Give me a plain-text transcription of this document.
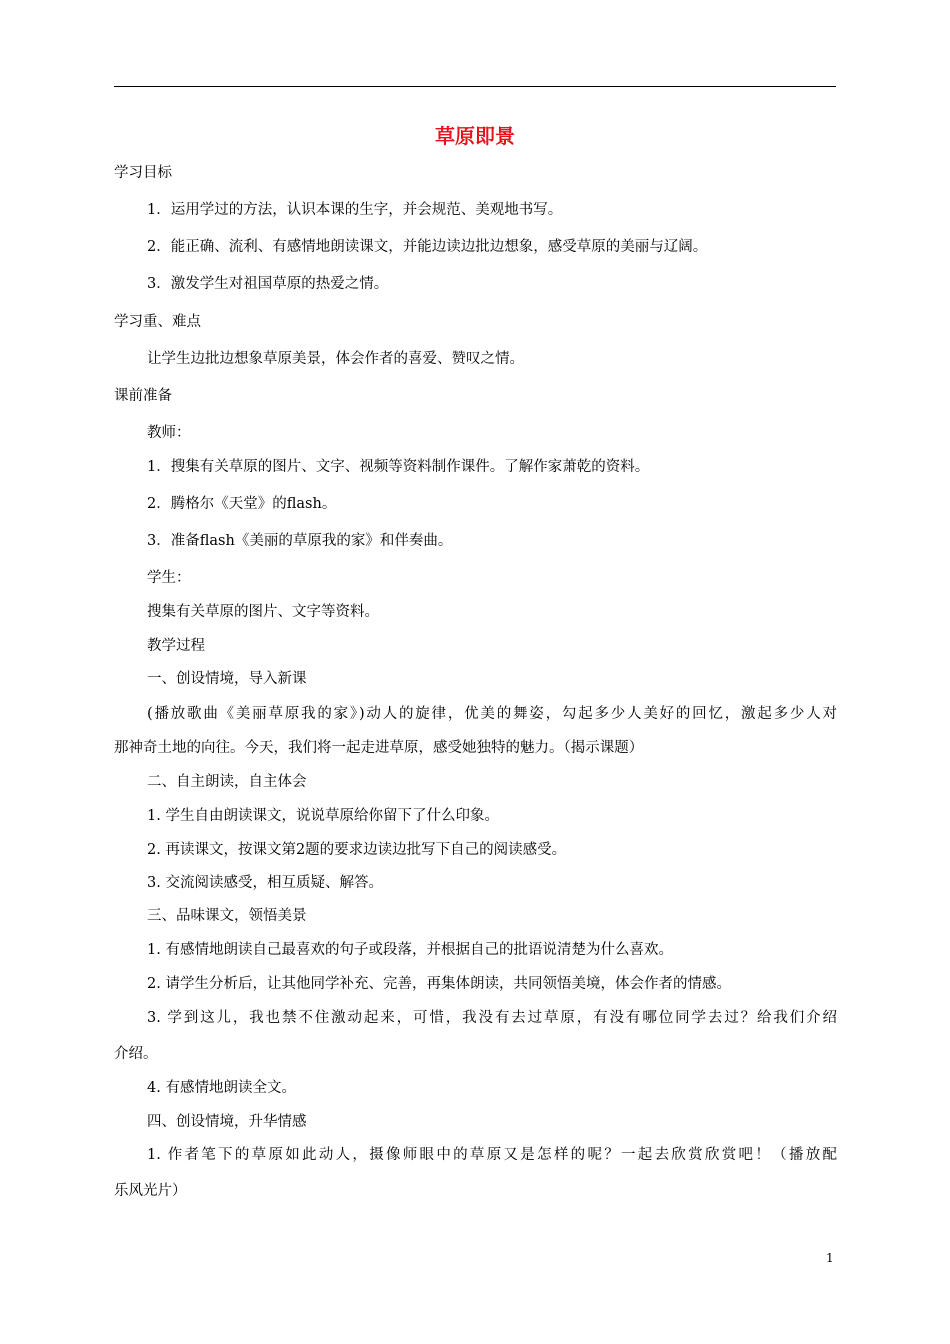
草原即景
学习目标
1．运用学过的方法，认识本课的生字，并会规范、美观地书写。
2．能正确、流利、有感情地朗读课文，并能边读边批边想象，感受草原的美丽与辽阔。
3．激发学生对祖国草原的热爱之情。
学习重、难点
让学生边批边想象草原美景，体会作者的喜爱、赞叹之情。
课前准备
教师：
1．搜集有关草原的图片、文字、视频等资料制作课件。了解作家萧乾的资料。
2．腾格尔《天堂》的flash。
3．准备flash《美丽的草原我的家》和伴奏曲。
学生：
搜集有关草原的图片、文字等资料。
教学过程
一、创设情境，导入新课
(播放歌曲《美丽草原我的家》)动人的旋律，优美的舞姿，勾起多少人美好的回忆，激起多少人对
那神奇土地的向往。今天，我们将一起走进草原，感受她独特的魅力。（揭示课题）
二、自主朗读，自主体会
1. 学生自由朗读课文，说说草原给你留下了什么印象。
2. 再读课文，按课文第2题的要求边读边批写下自己的阅读感受。
3. 交流阅读感受，相互质疑、解答。
三、品味课文，领悟美景
1. 有感情地朗读自己最喜欢的句子或段落，并根据自己的批语说清楚为什么喜欢。
2. 请学生分析后，让其他同学补充、完善，再集体朗读，共同领悟美境，体会作者的情感。
3. 学到这儿，我也禁不住激动起来，可惜，我没有去过草原，有没有哪位同学去过？给我们介绍
介绍。
4. 有感情地朗读全文。
四、创设情境，升华情感
1. 作者笔下的草原如此动人，摄像师眼中的草原又是怎样的呢？一起去欣赏欣赏吧！（播放配
乐风光片）
1
